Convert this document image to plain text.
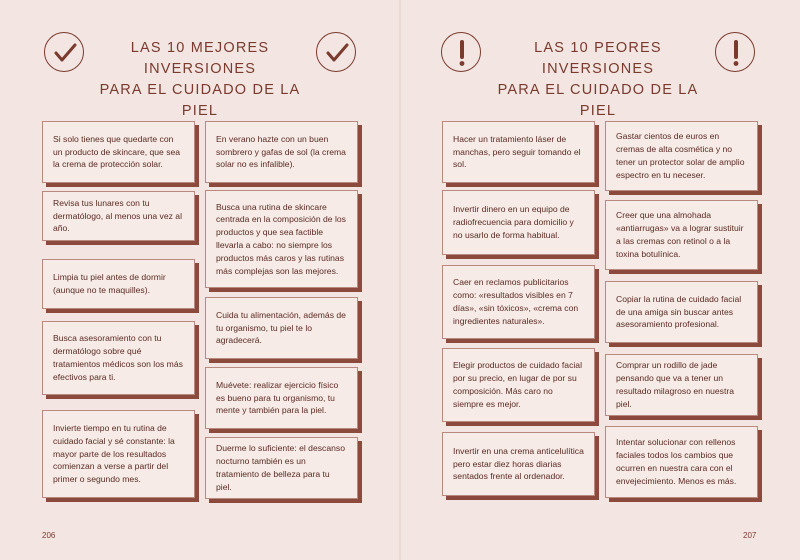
LAS 10 MEJORES INVERSIONES
PARA EL CUIDADO DE LA PIEL
Si solo tienes que quedarte con un producto de skincare, que sea la crema de protección solar.
Revisa tus lunares con tu dermatólogo, al menos una vez al año.
Limpia tu piel antes de dormir (aunque no te maquilles).
Busca asesoramiento con tu dermatólogo sobre qué tratamientos médicos son los más efectivos para ti.
Invierte tiempo en tu rutina de cuidado facial y sé constante: la mayor parte de los resultados comienzan a verse a partir del primer o segundo mes.
En verano hazte con un buen sombrero y gafas de sol (la crema solar no es infalible).
Busca una rutina de skincare centrada en la composición de los productos y que sea factible llevarla a cabo: no siempre los productos más caros y las rutinas más complejas son las mejores.
Cuida tu alimentación, además de tu organismo, tu piel te lo agradecerá.
Muévete: realizar ejercicio físico es bueno para tu organismo, tu mente y también para la piel.
Duerme lo suficiente: el descanso nocturno también es un tratamiento de belleza para tu piel.
206
LAS 10 PEORES INVERSIONES
PARA EL CUIDADO DE LA PIEL
Hacer un tratamiento láser de manchas, pero seguir tomando el sol.
Invertir dinero en un equipo de radiofrecuencia para domicilio y no usarlo de forma habitual.
Caer en reclamos publicitarios como: «resultados visibles en 7 días», «sin tóxicos», «crema con ingredientes naturales».
Elegir productos de cuidado facial por su precio, en lugar de por su composición. Más caro no siempre es mejor.
Invertir en una crema anticelulítica pero estar diez horas diarias sentados frente al ordenador.
Gastar cientos de euros en cremas de alta cosmética y no tener un protector solar de amplio espectro en tu neceser.
Creer que una almohada «antiarrugas» va a lograr sustituir a las cremas con retinol o a la toxina botulínica.
Copiar la rutina de cuidado facial de una amiga sin buscar antes asesoramiento profesional.
Comprar un rodillo de jade pensando que va a tener un resultado milagroso en nuestra piel.
Intentar solucionar con rellenos faciales todos los cambios que ocurren en nuestra cara con el envejecimiento. Menos es más.
207
